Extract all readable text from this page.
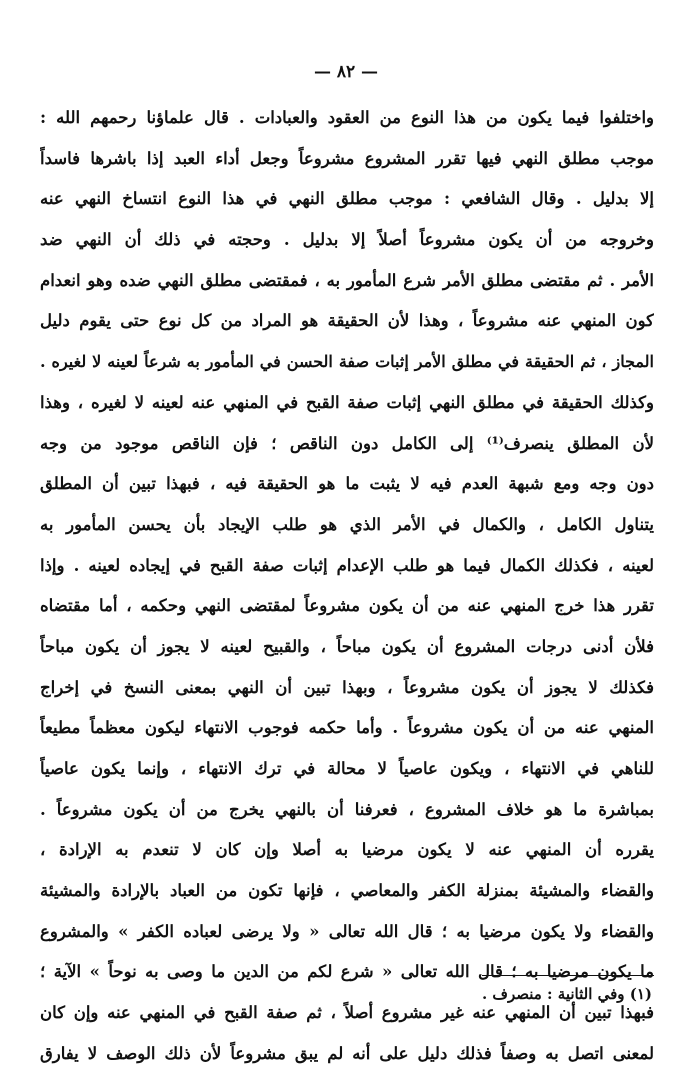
— ٨٢ —
واختلفوا فيما يكون من هذا النوع من العقود والعبادات . قال علماؤنا رحمهم الله :
موجب مطلق النهي فيها تقرر المشروع مشروعاً وجعل أداء العبد إذا باشرها فاسداً
إلا بدليل . وقال الشافعي : موجب مطلق النهي في هذا النوع انتساخ النهي عنه
وخروجه من أن يكون مشروعاً أصلاً إلا بدليل . وحجته في ذلك أن النهي ضد
الأمر . ثم مقتضى مطلق الأمر شرع المأمور به ، فمقتضى مطلق النهي ضده وهو انعدام
كون المنهي عنه مشروعاً ، وهذا لأن الحقيقة هو المراد من كل نوع حتى يقوم دليل
المجاز ، ثم الحقيقة في مطلق الأمر إثبات صفة الحسن في المأمور به شرعاً لعينه لا لغيره .
وكذلك الحقيقة في مطلق النهي إثبات صفة القبح في المنهي عنه لعينه لا لغيره ، وهذا
لأن المطلق ينصرف⁽¹⁾ إلى الكامل دون الناقص ؛ فإن الناقص موجود من وجه
دون وجه ومع شبهة العدم فيه لا يثبت ما هو الحقيقة فيه ، فبهذا تبين أن المطلق
يتناول الكامل ، والكمال في الأمر الذي هو طلب الإيجاد بأن يحسن المأمور به
لعينه ، فكذلك الكمال فيما هو طلب الإعدام إثبات صفة القبح في إيجاده لعينه . وإذا
تقرر هذا خرج المنهي عنه من أن يكون مشروعاً لمقتضى النهي وحكمه ، أما مقتضاه
فلأن أدنى درجات المشروع أن يكون مباحاً ، والقبيح لعينه لا يجوز أن يكون مباحاً
فكذلك لا يجوز أن يكون مشروعاً ، وبهذا تبين أن النهي بمعنى النسخ في إخراج
المنهي عنه من أن يكون مشروعاً . وأما حكمه فوجوب الانتهاء ليكون معظماً مطيعاً
للناهي في الانتهاء ، ويكون عاصياً لا محالة في ترك الانتهاء ، وإنما يكون عاصياً
بمباشرة ما هو خلاف المشروع ، فعرفنا أن بالنهي يخرج من أن يكون مشروعاً .
يقرره أن المنهي عنه لا يكون مرضيا به أصلا وإن كان لا تنعدم به الإرادة ،
والقضاء والمشيئة بمنزلة الكفر والمعاصي ، فإنها تكون من العباد بالإرادة والمشيئة
والقضاء ولا يكون مرضيا به ؛ قال الله تعالى « ولا يرضى لعباده الكفر » والمشروع
ما يكون مرضيا به ؛ قال الله تعالى « شرع لكم من الدين ما وصى به نوحاً » الآية ؛
فبهذا تبين أن المنهي عنه غير مشروع أصلاً ، ثم صفة القبح في المنهي عنه وإن كان
لمعنى اتصل به وصفاً فذلك دليل على أنه لم يبق مشروعاً لأن ذلك الوصف لا يفارق
(١) وفي الثانية : منصرف .
